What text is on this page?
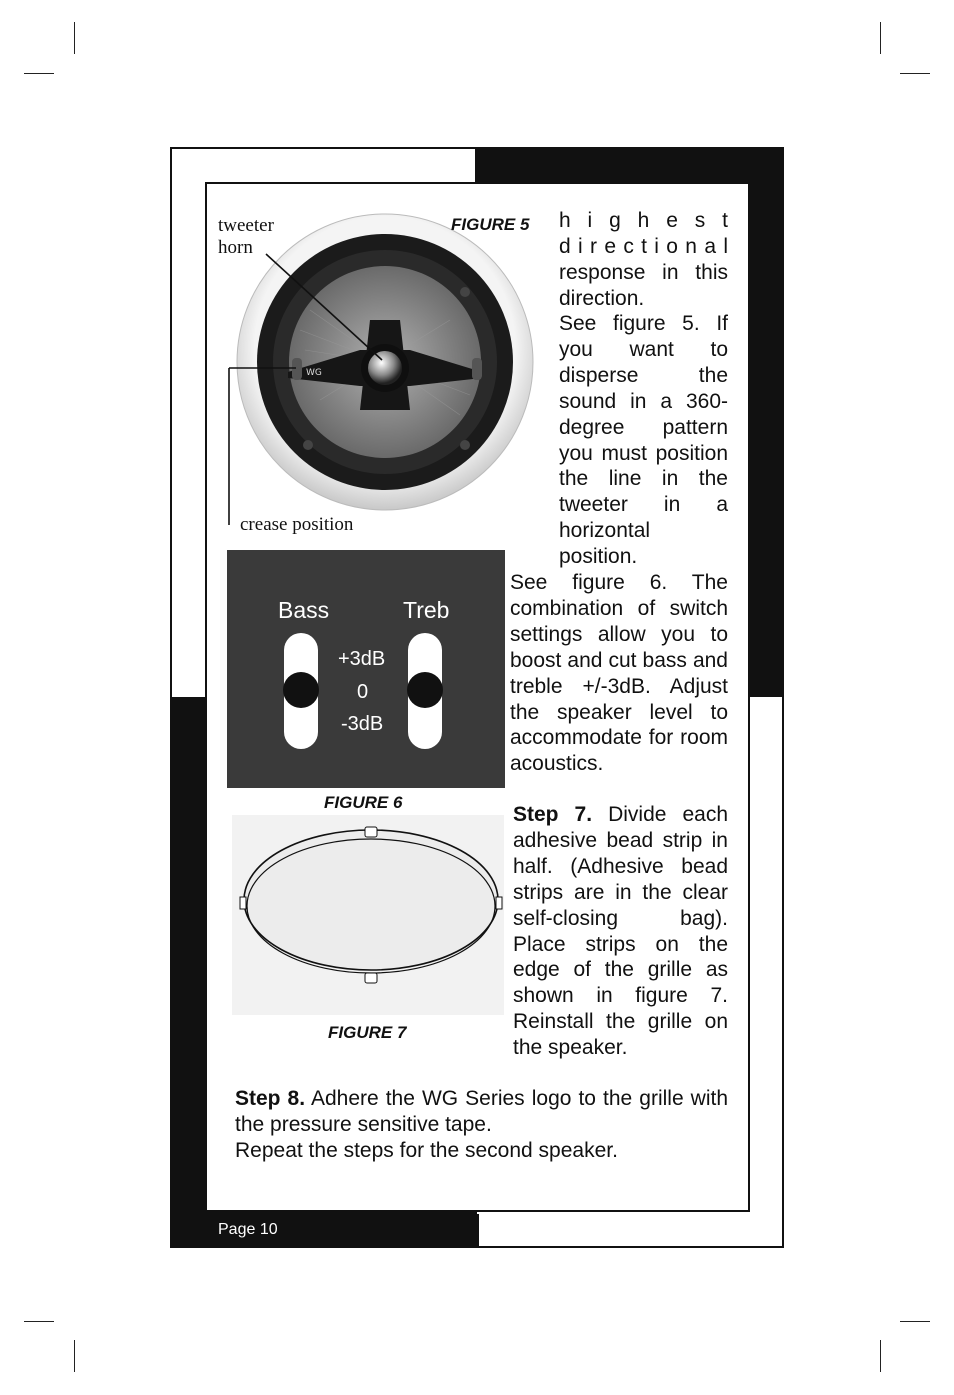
WG
tweeter
horn
crease position
FIGURE 5
Bass	Treb
+3dB
0
-3dB
FIGURE 6
FIGURE 7
h i g h e s t
d i r e c t i o n a l
response in this direction.
See figure 5. If you want to disperse the sound in a 360-degree pattern you must position the line in the tweeter in a horizontal position.
See figure 6. The combination of switch settings allow you to boost and cut bass and treble +/-3dB. Adjust the speaker level to accommodate for room acoustics.
Step 7. Divide each adhesive bead strip in half. (Adhesive bead strips are in the clear self-closing bag). Place strips on the edge of the grille as shown in figure 7. Reinstall the grille on the speaker.
Step 8. Adhere the WG Series logo to the grille with the pressure sensitive tape.
Repeat the steps for the second speaker.
Page 10
